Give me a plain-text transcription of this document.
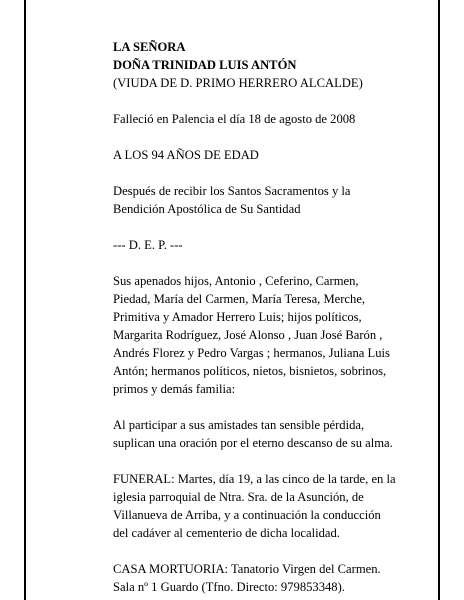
LA SEÑORA
DOÑA TRINIDAD LUIS ANTÓN
(VIUDA DE D. PRIMO HERRERO ALCALDE)
Falleció en Palencia el día 18 de agosto de 2008
A LOS 94 AÑOS DE EDAD
Después de recibir los Santos Sacramentos y la
Bendición Apostólica de Su Santidad
--- D. E. P. ---
Sus apenados hijos, Antonio , Ceferino, Carmen,
Piedad, María del Carmen, María Teresa, Merche,
Primitiva y Amador Herrero Luis; hijos políticos,
Margarita Rodríguez, José Alonso , Juan José Barón ,
Andrés Florez y Pedro Vargas ; hermanos, Juliana Luis
Antón; hermanos políticos, nietos, bisnietos, sobrinos,
primos y demás familia:
Al participar a sus amistades tan sensible pérdida,
suplican una oración por el eterno descanso de su alma.
FUNERAL: Martes, día 19, a las cinco de la tarde, en la
iglesia parroquial de Ntra. Sra. de la Asunción, de
Villanueva de Arriba, y a continuación la conducción
del cadáver al cementerio de dicha localidad.
CASA MORTUORIA: Tanatorio Virgen del Carmen.
Sala nº 1 Guardo (Tfno. Directo: 979853348).
